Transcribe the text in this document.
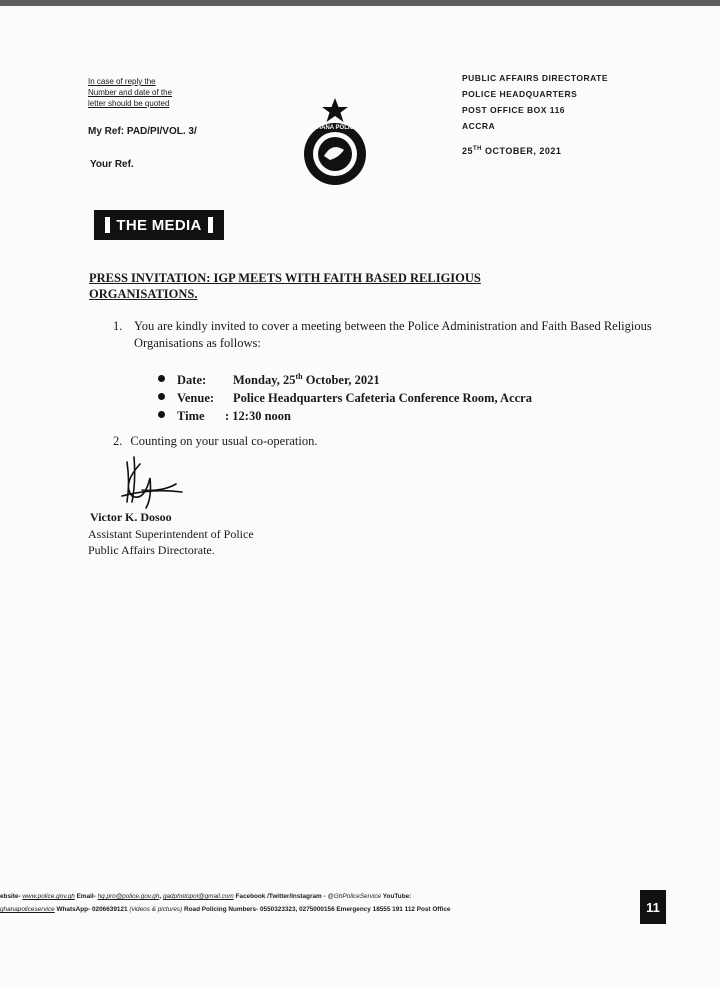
In case of reply the
Number and date of the
letter should be quoted
My Ref: PAD/PI/VOL. 3/
Your Ref.
GHANA POLICE
PUBLIC AFFAIRS DIRECTORATE
POLICE HEADQUARTERS
POST OFFICE BOX 116
ACCRA
25TH OCTOBER, 2021
THE MEDIA
PRESS INVITATION: IGP MEETS WITH FAITH BASED RELIGIOUS
ORGANISATIONS.
1. You are kindly invited to cover a meeting between the Police Administration and Faith Based Religious Organisations as follows:
Date:	Monday, 25th October, 2021
Venue:	Police Headquarters Cafeteria Conference Room, Accra
Time	: 12:30 noon
2. Counting on your usual co-operation.
Victor K. Dosoo
Assistant Superintendent of Police
Public Affairs Directorate.
ebsite- www.police.gov.gh Email- hq.pro@police.gov.gh, gadphotopol@gmail.com Facebook /Twitter/Instagram - @GhPoliceService YouTube:
ghanapoliceservice WhatsApp- 0206639121 (videos & pictures) Road Policing Numbers- 0550323323, 0275000156 Emergency 18555 191 112 Post Office	11
